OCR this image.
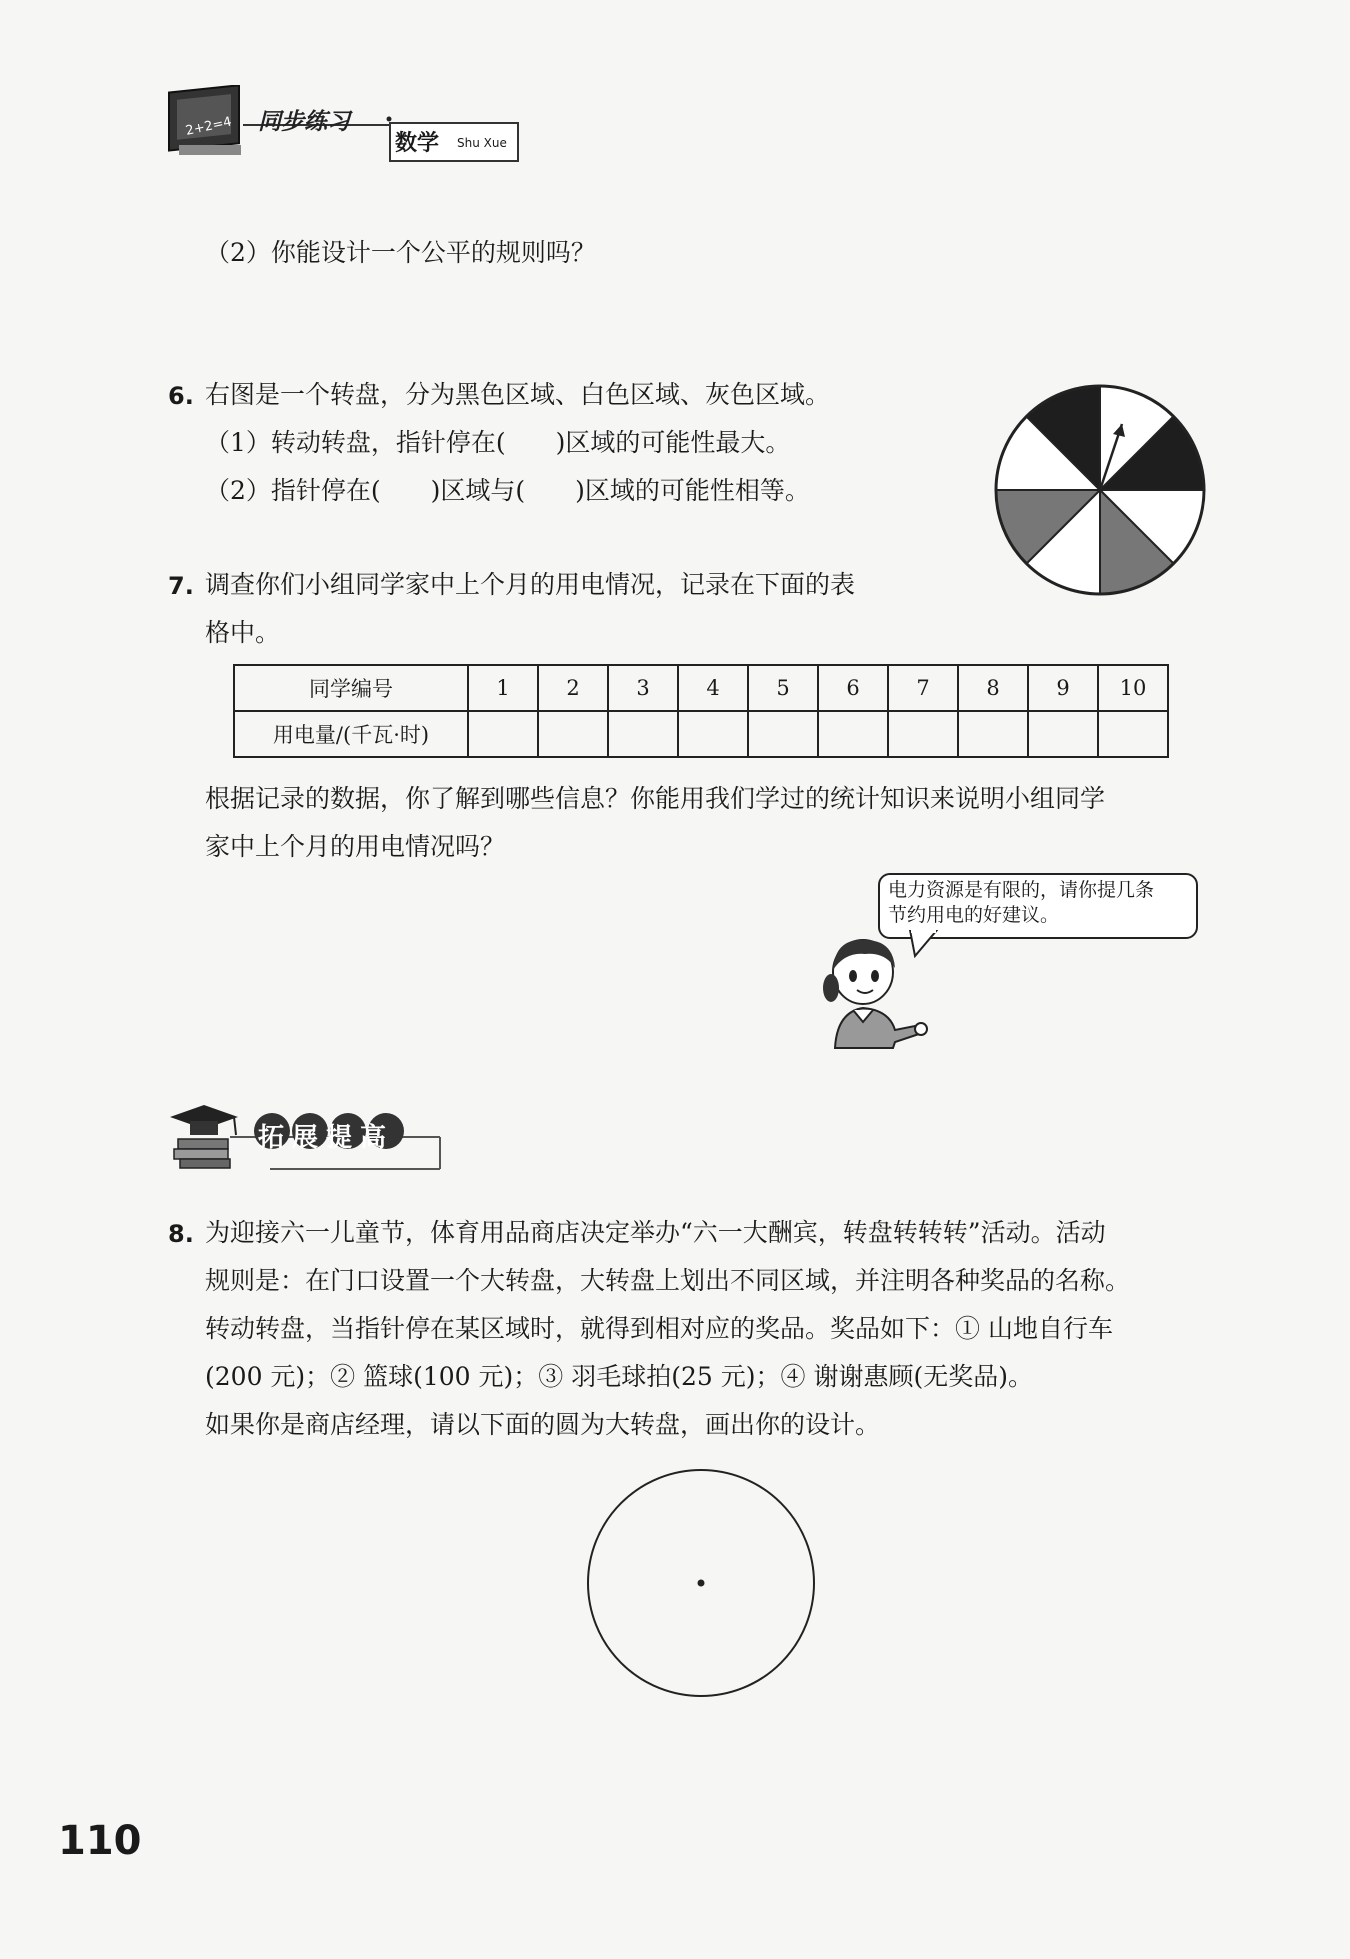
2+2=4 同步练习
数学 Shu Xue
（2）你能设计一个公平的规则吗？
6. 右图是一个转盘，分为黑色区域、白色区域、灰色区域。
（1）转动转盘，指针停在(　　)区域的可能性最大。
（2）指针停在(　　)区域与(　　)区域的可能性相等。
7. 调查你们小组同学家中上个月的用电情况，记录在下面的表
格中。
同学编号	1	2	3	4	5	6	7	8	9	10
用电量/(千瓦·时)										
根据记录的数据，你了解到哪些信息？你能用我们学过的统计知识来说明小组同学
家中上个月的用电情况吗？
电力资源是有限的，请你提几条
节约用电的好建议。
拓展提高
8. 为迎接六一儿童节，体育用品商店决定举办“六一大酬宾，转盘转转转”活动。活动
规则是：在门口设置一个大转盘，大转盘上划出不同区域，并注明各种奖品的名称。
转动转盘，当指针停在某区域时，就得到相对应的奖品。奖品如下：① 山地自行车
(200 元)；② 篮球(100 元)；③ 羽毛球拍(25 元)；④ 谢谢惠顾(无奖品)。
如果你是商店经理，请以下面的圆为大转盘，画出你的设计。
110
